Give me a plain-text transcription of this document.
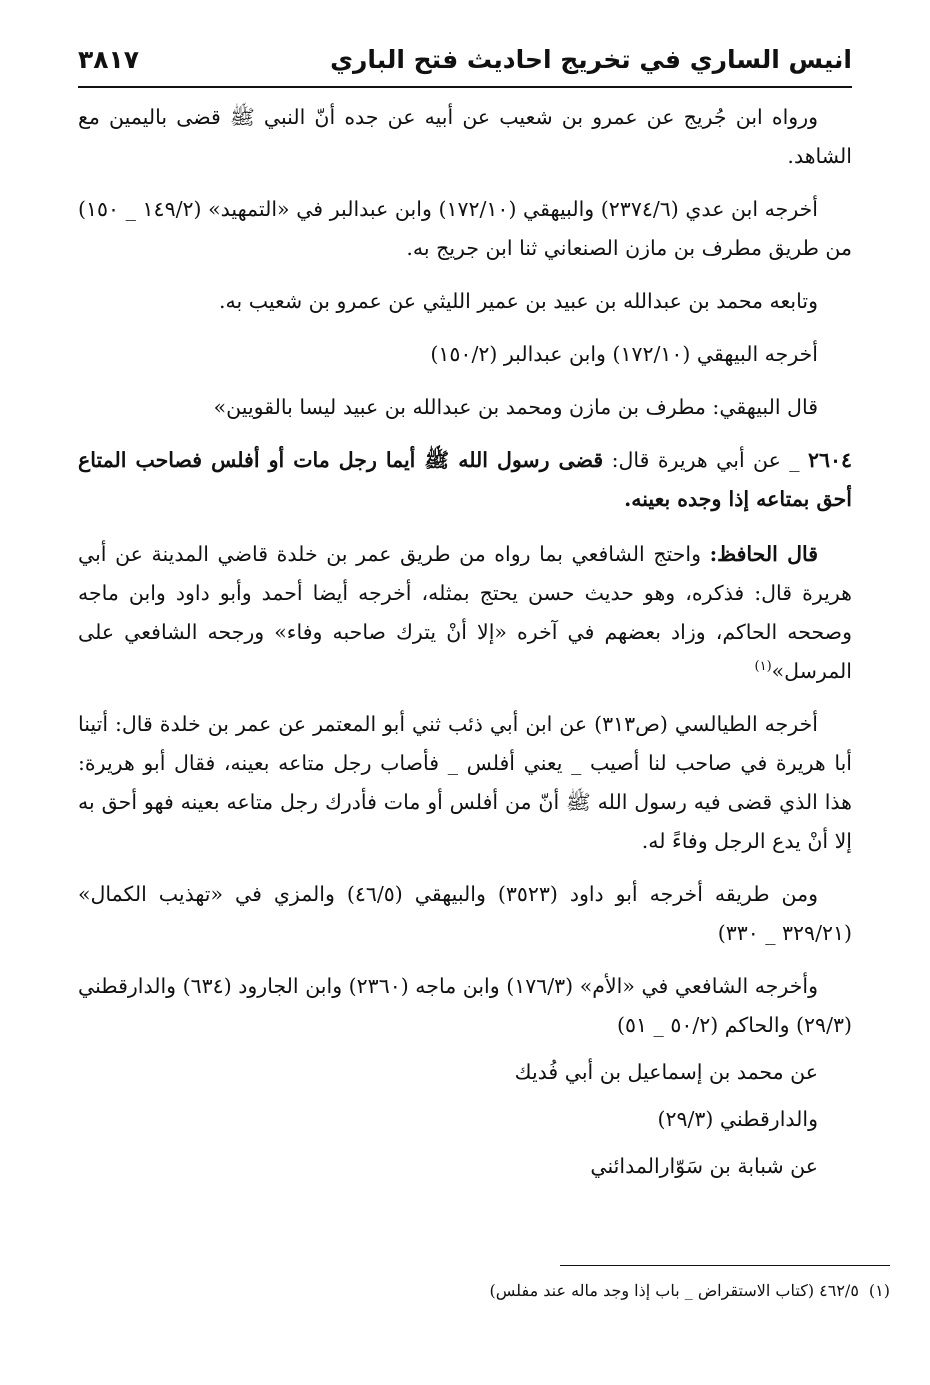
انيس الساري في تخريج احاديث فتح الباري
٣٨١٧

ورواه ابن جُريج عن عمرو بن شعيب عن أبيه عن جده أنّ النبي ﷺ قضى باليمين مع الشاهد.

أخرجه ابن عدي (٢٣٧٤/٦) والبيهقي (١٧٢/١٠) وابن عبدالبر في «التمهيد» (١٤٩/٢ _ ١٥٠) من طريق مطرف بن مازن الصنعاني ثنا ابن جريج به.

وتابعه محمد بن عبدالله بن عبيد بن عمير الليثي عن عمرو بن شعيب به.

أخرجه البيهقي (١٧٢/١٠) وابن عبدالبر (١٥٠/٢)

قال البيهقي: مطرف بن مازن ومحمد بن عبدالله بن عبيد ليسا بالقويين»

٢٦٠٤ _ عن أبي هريرة قال: قضى رسول الله ﷺ أيما رجل مات أو أفلس فصاحب المتاع أحق بمتاعه إذا وجده بعينه.

قال الحافظ: واحتج الشافعي بما رواه من طريق عمر بن خلدة قاضي المدينة عن أبي هريرة قال: فذكره، وهو حديث حسن يحتج بمثله، أخرجه أيضا أحمد وأبو داود وابن ماجه وصححه الحاكم، وزاد بعضهم في آخره «إلا أنْ يترك صاحبه وفاء» ورجحه الشافعي على المرسل»$^{(١)}$

أخرجه الطيالسي (ص٣١٣) عن ابن أبي ذئب ثني أبو المعتمر عن عمر بن خلدة قال: أتينا أبا هريرة في صاحب لنا أصيب _ يعني أفلس _ فأصاب رجل متاعه بعينه، فقال أبو هريرة: هذا الذي قضى فيه رسول الله ﷺ أنّ من أفلس أو مات فأدرك رجل متاعه بعينه فهو أحق به إلا أنْ يدع الرجل وفاءً له.

ومن طريقه أخرجه أبو داود (٣٥٢٣) والبيهقي (٤٦/٥) والمزي في «تهذيب الكمال» (٣٢٩/٢١ _ ٣٣٠)

وأخرجه الشافعي في «الأم» (١٧٦/٣) وابن ماجه (٢٣٦٠) وابن الجارود (٦٣٤) والدارقطني (٢٩/٣) والحاكم (٥٠/٢ _ ٥١)

عن محمد بن إسماعيل بن أبي فُديك

والدارقطني (٢٩/٣)

عن شبابة بن سَوّارالمدائني

(١)٤٦٢/٥ (كتاب الاستقراض _ باب إذا وجد ماله عند مفلس)
